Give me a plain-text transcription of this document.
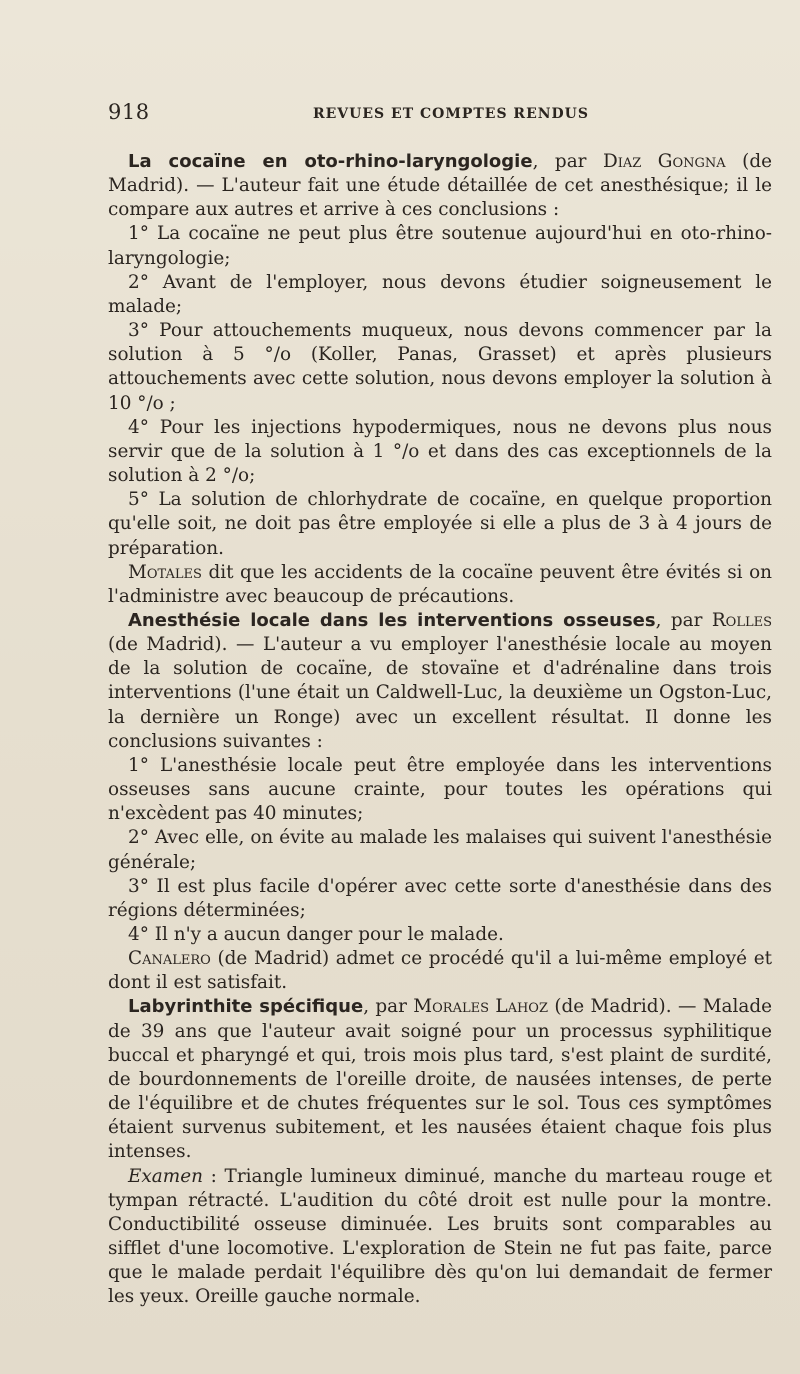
918	REVUES ET COMPTES RENDUS

La cocaïne en oto-rhino-laryngologie, par Diaz Gongna (de Madrid). — L'auteur fait une étude détaillée de cet anesthésique; il le compare aux autres et arrive à ces conclusions :

1° La cocaïne ne peut plus être soutenue aujourd'hui en oto-rhino-laryngologie;

2° Avant de l'employer, nous devons étudier soigneusement le malade;

3° Pour attouchements muqueux, nous devons commencer par la solution à 5 °/o (Koller, Panas, Grasset) et après plusieurs attouchements avec cette solution, nous devons employer la solution à 10 °/o ;

4° Pour les injections hypodermiques, nous ne devons plus nous servir que de la solution à 1 °/o et dans des cas exceptionnels de la solution à 2 °/o;

5° La solution de chlorhydrate de cocaïne, en quelque proportion qu'elle soit, ne doit pas être employée si elle a plus de 3 à 4 jours de préparation.

Motales dit que les accidents de la cocaïne peuvent être évités si on l'administre avec beaucoup de précautions.

Anesthésie locale dans les interventions osseuses, par Rolles (de Madrid). — L'auteur a vu employer l'anesthésie locale au moyen de la solution de cocaïne, de stovaïne et d'adrénaline dans trois interventions (l'une était un Caldwell-Luc, la deuxième un Ogston-Luc, la dernière un Ronge) avec un excellent résultat. Il donne les conclusions suivantes :

1° L'anesthésie locale peut être employée dans les interventions osseuses sans aucune crainte, pour toutes les opérations qui n'excèdent pas 40 minutes;

2° Avec elle, on évite au malade les malaises qui suivent l'anesthésie générale;

3° Il est plus facile d'opérer avec cette sorte d'anesthésie dans des régions déterminées;

4° Il n'y a aucun danger pour le malade.

Canalero (de Madrid) admet ce procédé qu'il a lui-même employé et dont il est satisfait.

Labyrinthite spécifique, par Morales Lahoz (de Madrid). — Malade de 39 ans que l'auteur avait soigné pour un processus syphilitique buccal et pharyngé et qui, trois mois plus tard, s'est plaint de surdité, de bourdonnements de l'oreille droite, de nausées intenses, de perte de l'équilibre et de chutes fréquentes sur le sol. Tous ces symptômes étaient survenus subitement, et les nausées étaient chaque fois plus intenses.

Examen : Triangle lumineux diminué, manche du marteau rouge et tympan rétracté. L'audition du côté droit est nulle pour la montre. Conductibilité osseuse diminuée. Les bruits sont comparables au sifflet d'une locomotive. L'exploration de Stein ne fut pas faite, parce que le malade perdait l'équilibre dès qu'on lui demandait de fermer les yeux. Oreille gauche normale.
